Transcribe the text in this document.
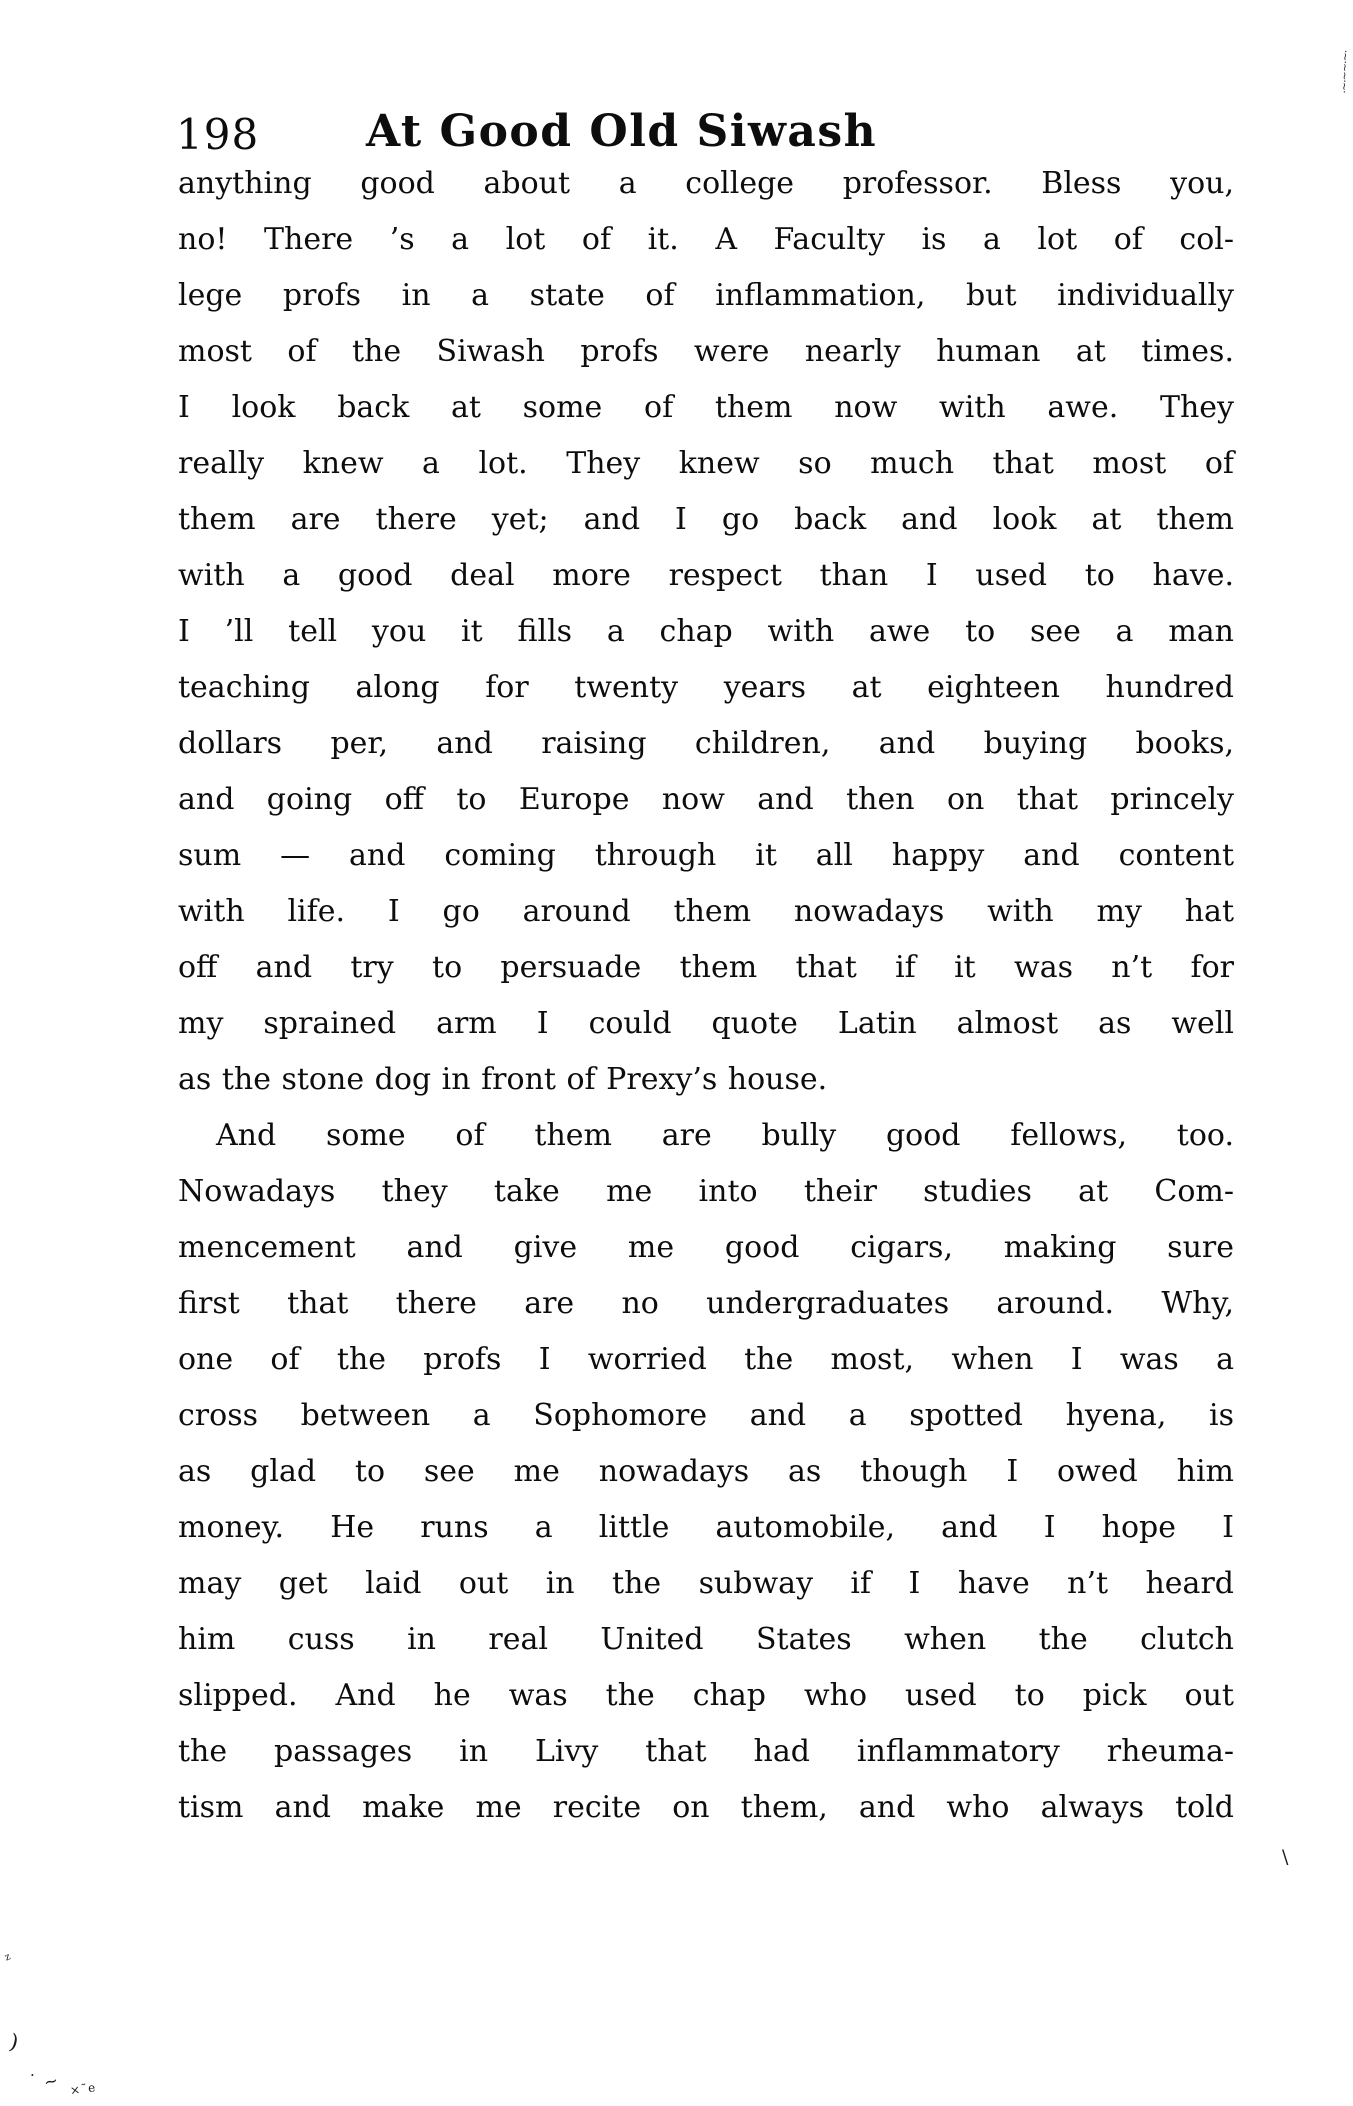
198 At Good Old Siwash
anything good about a college professor. Bless you,
no! There ’s a lot of it. A Faculty is a lot of col-
lege profs in a state of inflammation, but individually
most of the Siwash profs were nearly human at times.
I look back at some of them now with awe. They
really knew a lot. They knew so much that most of
them are there yet; and I go back and look at them
with a good deal more respect than I used to have.
I ’ll tell you it fills a chap with awe to see a man
teaching along for twenty years at eighteen hundred
dollars per, and raising children, and buying books,
and going off to Europe now and then on that princely
sum — and coming through it all happy and content
with life. I go around them nowadays with my hat
off and try to persuade them that if it was n’t for
my sprained arm I could quote Latin almost as well
as the stone dog in front of Prexy’s house.
And some of them are bully good fellows, too.
Nowadays they take me into their studies at Com-
mencement and give me good cigars, making sure
first that there are no undergraduates around. Why,
one of the profs I worried the most, when I was a
cross between a Sophomore and a spotted hyena, is
as glad to see me nowadays as though I owed him
money. He runs a little automobile, and I hope I
may get laid out in the subway if I have n’t heard
him cuss in real United States when the clutch
slipped. And he was the chap who used to pick out
the passages in Livy that had inflammatory rheuma-
tism and make me recite on them, and who always told
·~·~~·~·
z
)
· ~ ×˜e
\
